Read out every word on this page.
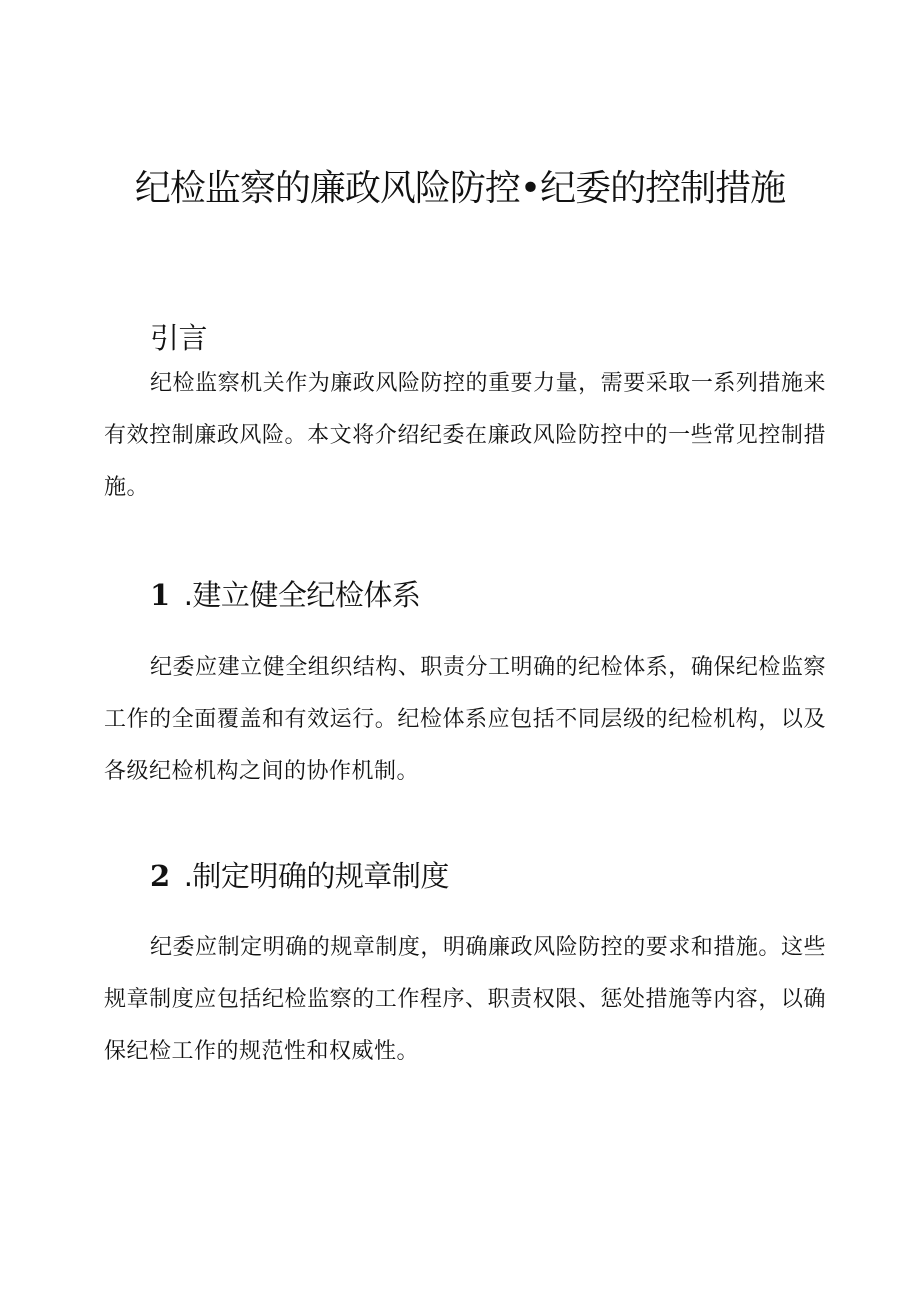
纪检监察的廉政风险防控•纪委的控制措施
引言

纪检监察机关作为廉政风险防控的重要力量，需要采取一系列措施来有效控制廉政风险。本文将介绍纪委在廉政风险防控中的一些常见控制措施。

1 .建立健全纪检体系

纪委应建立健全组织结构、职责分工明确的纪检体系，确保纪检监察工作的全面覆盖和有效运行。纪检体系应包括不同层级的纪检机构，以及各级纪检机构之间的协作机制。

2 .制定明确的规章制度

纪委应制定明确的规章制度，明确廉政风险防控的要求和措施。这些规章制度应包括纪检监察的工作程序、职责权限、惩处措施等内容，以确保纪检工作的规范性和权威性。
